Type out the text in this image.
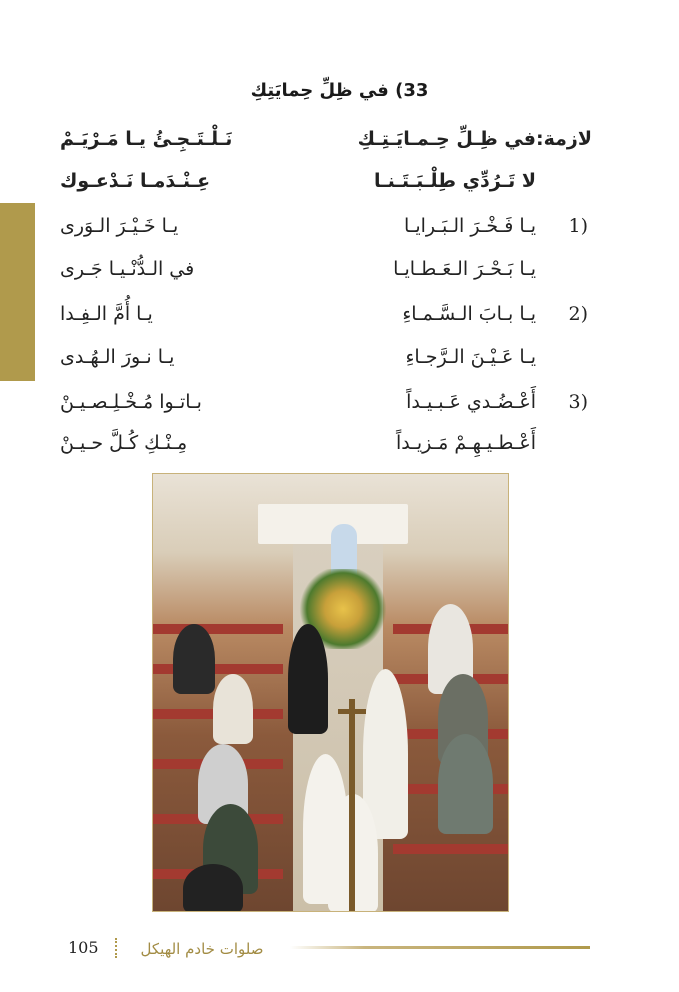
33) في ظِلِّ حِمايَتِكِ
لازمة:
في ظِـلِّ حِـمـايَـتِـكِ
نَـلْـتَـجِـئُ يـا مَـرْيَـمْ
لا تَـرُدِّي طِلْـبَـتَـنـا
عِـنْـدَمـا نَـدْعـوك
1)
يـا فَـخْـرَ الـبَـرايـا
يـا خَـيْـرَ الـوَرى
يـا بَـحْـرَ الـعَـطـايـا
في الـدُّنْـيـا جَـرى
2)
يـا بـابَ الـسَّـمـاءِ
يـا أُمَّ الـفِـدا
يـا عَـيْـنَ الـرَّجـاءِ
يـا نـورَ الـهُـدى
3)
أَعْـضُـدي عَـبـيـداً
بـاتـوا مُـخْـلِـصـيـنْ
أَعْـطـيـهِـمْ مَـزيـداً
مِـنْـكِ كُـلَّ حـيـنْ
صلوات خادم الهيكل
105
